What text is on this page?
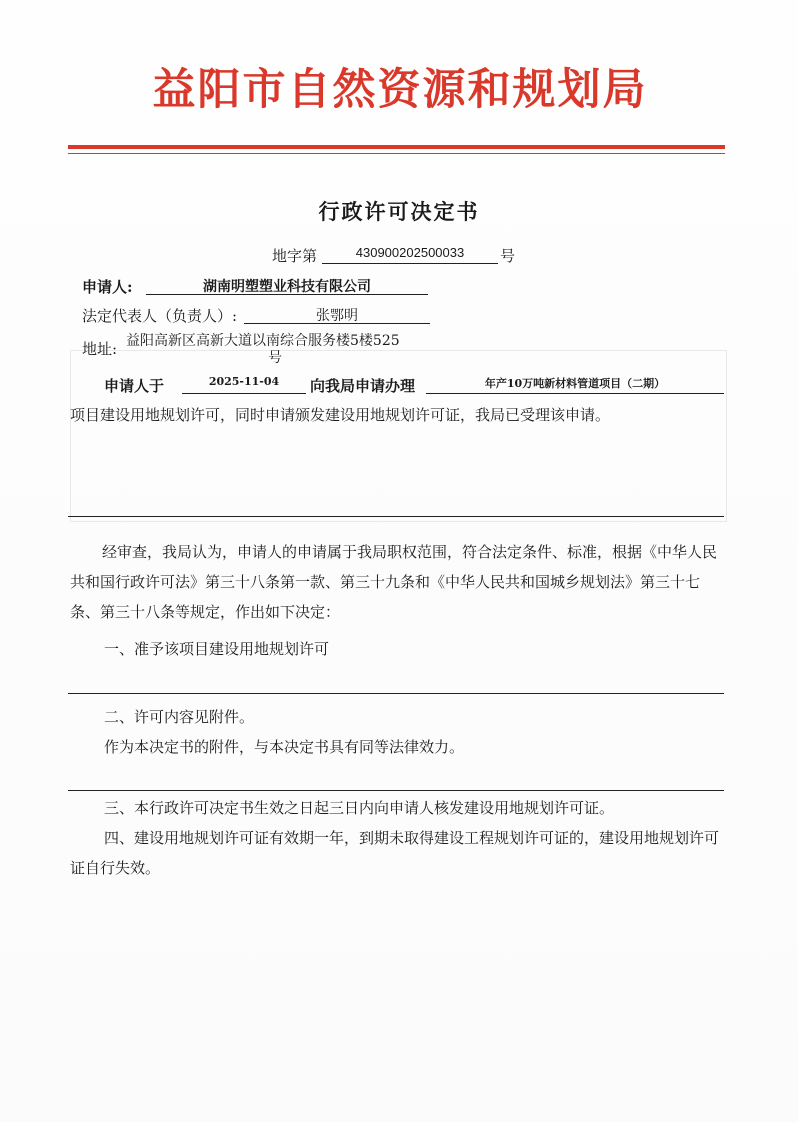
益阳市自然资源和规划局
行政许可决定书
地字第	430900202500033	号
申请人:	湖南明塑塑业科技有限公司
法定代表人（负责人）:	张鄂明
地址: 益阳高新区高新大道以南综合服务楼5楼525
号
申请人于	2025-11-04	向我局申请办理	年产10万吨新材料管道项目（二期）
项目建设用地规划许可，同时申请颁发建设用地规划许可证，我局已受理该申请。
经审查，我局认为，申请人的申请属于我局职权范围，符合法定条件、标准，根据《中华人民共和国行政许可法》第三十八条第一款、第三十九条和《中华人民共和国城乡规划法》第三十七条、第三十八条等规定，作出如下决定：
一、准予该项目建设用地规划许可
二、许可内容见附件。
作为本决定书的附件，与本决定书具有同等法律效力。
三、本行政许可决定书生效之日起三日内向申请人核发建设用地规划许可证。
四、建设用地规划许可证有效期一年，到期未取得建设工程规划许可证的，建设用地规划许可证自行失效。
